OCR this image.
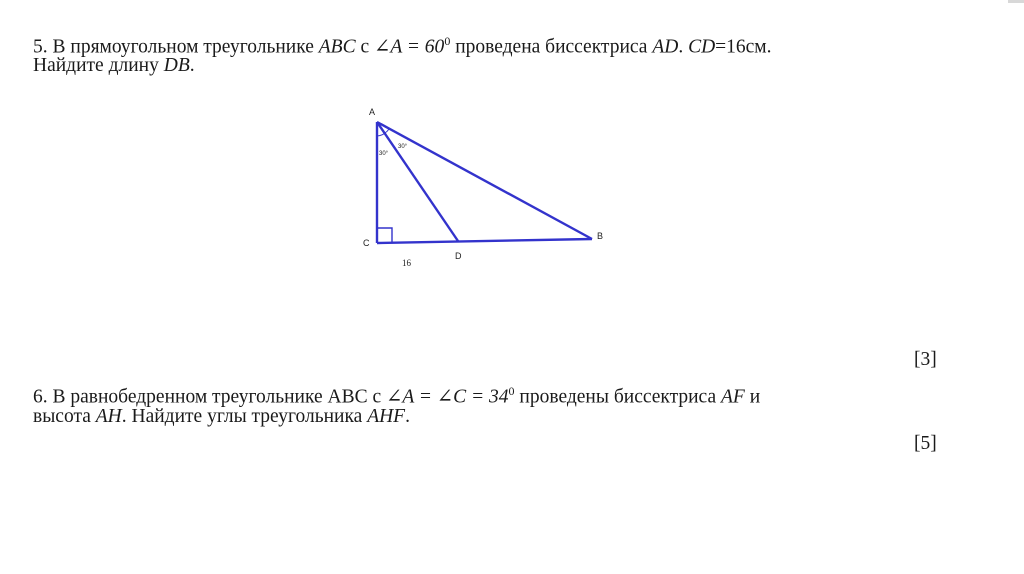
5. В прямоугольном треугольнике ABC с ∠A = $60^0$ проведена биссектриса AD. CD=16см.
Найдите длину DB.
A
B
C
D
30°
30°
16
[3]
6. В равнобедренном треугольнике ABC с ∠A = ∠C = $34^0$ проведены биссектриса AF и
высота AH. Найдите углы треугольника AHF.
[5]
